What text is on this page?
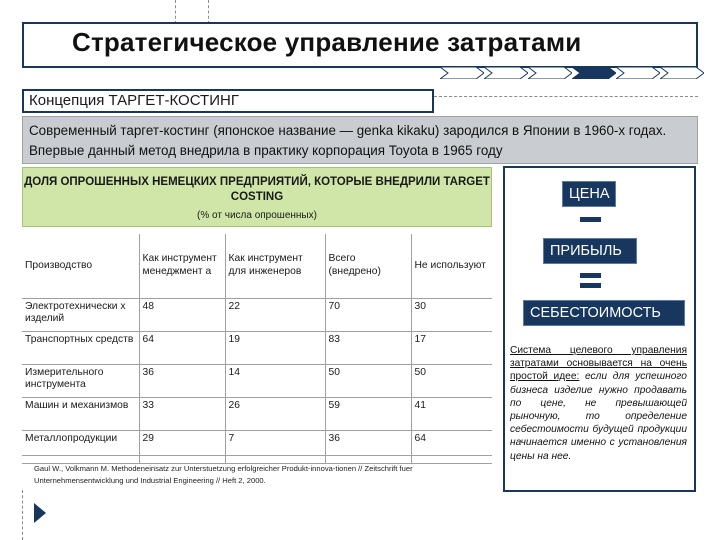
Стратегическое управление затратами
Концепция ТАРГЕТ-КОСТИНГ
Современный таргет-костинг (японское название — genka kikaku) зародился в Японии в 1960-х годах. Впервые данный метод внедрила в практику корпорация Toyota в 1965 году
ДОЛЯ ОПРОШЕННЫХ НЕМЕЦКИХ ПРЕДПРИЯТИЙ, КОТОРЫЕ ВНЕДРИЛИ TARGET COSTING
(% от числа опрошенных)
Производство	Как инструмент менеджмент а	Как инструмент для инженеров	Всего (внедрено)	Не используют
Электротехнически х изделий	48	22	70	30
Транспортных средств	64	19	83	17
Измерительного инструмента	36	14	50	50
Машин и механизмов	33	26	59	41
Металлопродукции	29	7	36	64
Gaul W., Volkmann M. Methodeneinsatz zur Unterstuetzung erfolgreicher Produkt-innova-tionen // Zeitschrift fuer Unternehmensentwicklung und Industrial Engineering // Heft 2, 2000.
ЦЕНА
ПРИБЫЛЬ
СЕБЕСТОИМОСТЬ
Система целевого управления затратами основывается на очень простой идее: если для успешного бизнеса изделие нужно продавать по цене, не превышающей рыночную, то определение себестоимости будущей продукции начинается именно с установления цены на нее.
